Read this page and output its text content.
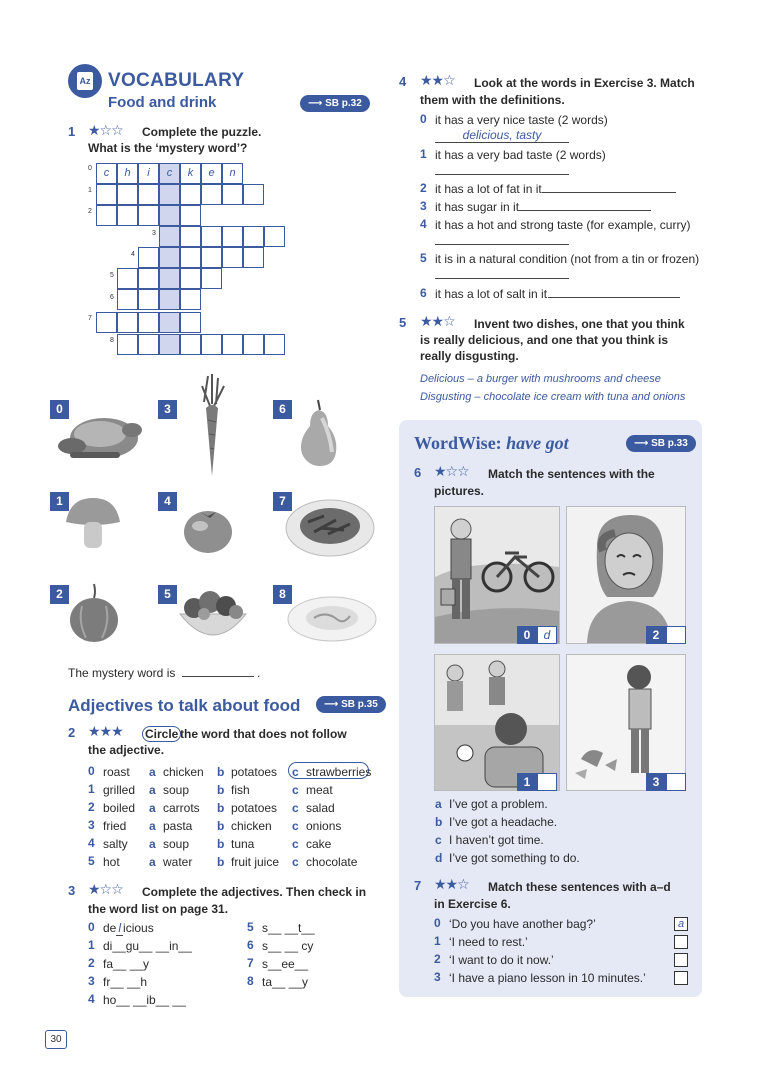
Az VOCABULARY
Food and drink	⟶ SB p.32
1 ★☆☆ Complete the puzzle.
What is the ‘mystery word’?
0
1
2
3
4
5
6
7
8
c	h	i	c	k	e	n
0	3	6
1	4	7
2	5	8
The mystery word is	.
Adjectives to talk about food	⟶ SB p.35
2 ★★★ Circle the word that does not follow the adjective.
0 roast a chicken b potatoes c strawberries
1 grilled a soup b fish	c meat
2 boiled a carrots b potatoes c salad
3 fried a pasta b chicken c onions
4 salty a soup b tuna	c cake
5 hot a water b fruit juice c chocolate
3 ★☆☆	Complete the adjectives. Then check in the word list on page 31.
0 de l icious
1 di__gu__ __in__
2 fa__ __y
3 fr__ __h
4 ho__ __ib__ __
5 s__ __t__
6 s__ __ cy
7 s__ee__
8 ta__ __y
30
4 ★★☆	Look at the words in Exercise 3. Match them with the definitions.
0 it has a very nice taste (2 words)
delicious, tasty
1 it has a very bad taste (2 words)
2 it has a lot of fat in it
3 it has sugar in it
4 it has a hot and strong taste (for example, curry)
5 it is in a natural condition (not from a tin or frozen)
6 it has a lot of salt in it
5 ★★☆	Invent two dishes, one that you think is really delicious, and one that you think is really disgusting.
Delicious – a burger with mushrooms and cheese
Disgusting – chocolate ice cream with tuna and onions
WordWise: have got	⟶ SB p.33
6 ★☆☆	Match the sentences with the pictures.
0	d	2
1	3
a I’ve got a problem.
b I’ve got a headache.
c I haven’t got time.
d I’ve got something to do.
7 ★★☆	Match these sentences with a–d in Exercise 6.
0 ‘Do you have another bag?’	a
1 ‘I need to rest.’
2 ‘I want to do it now.’
3 ‘I have a piano lesson in 10 minutes.’
